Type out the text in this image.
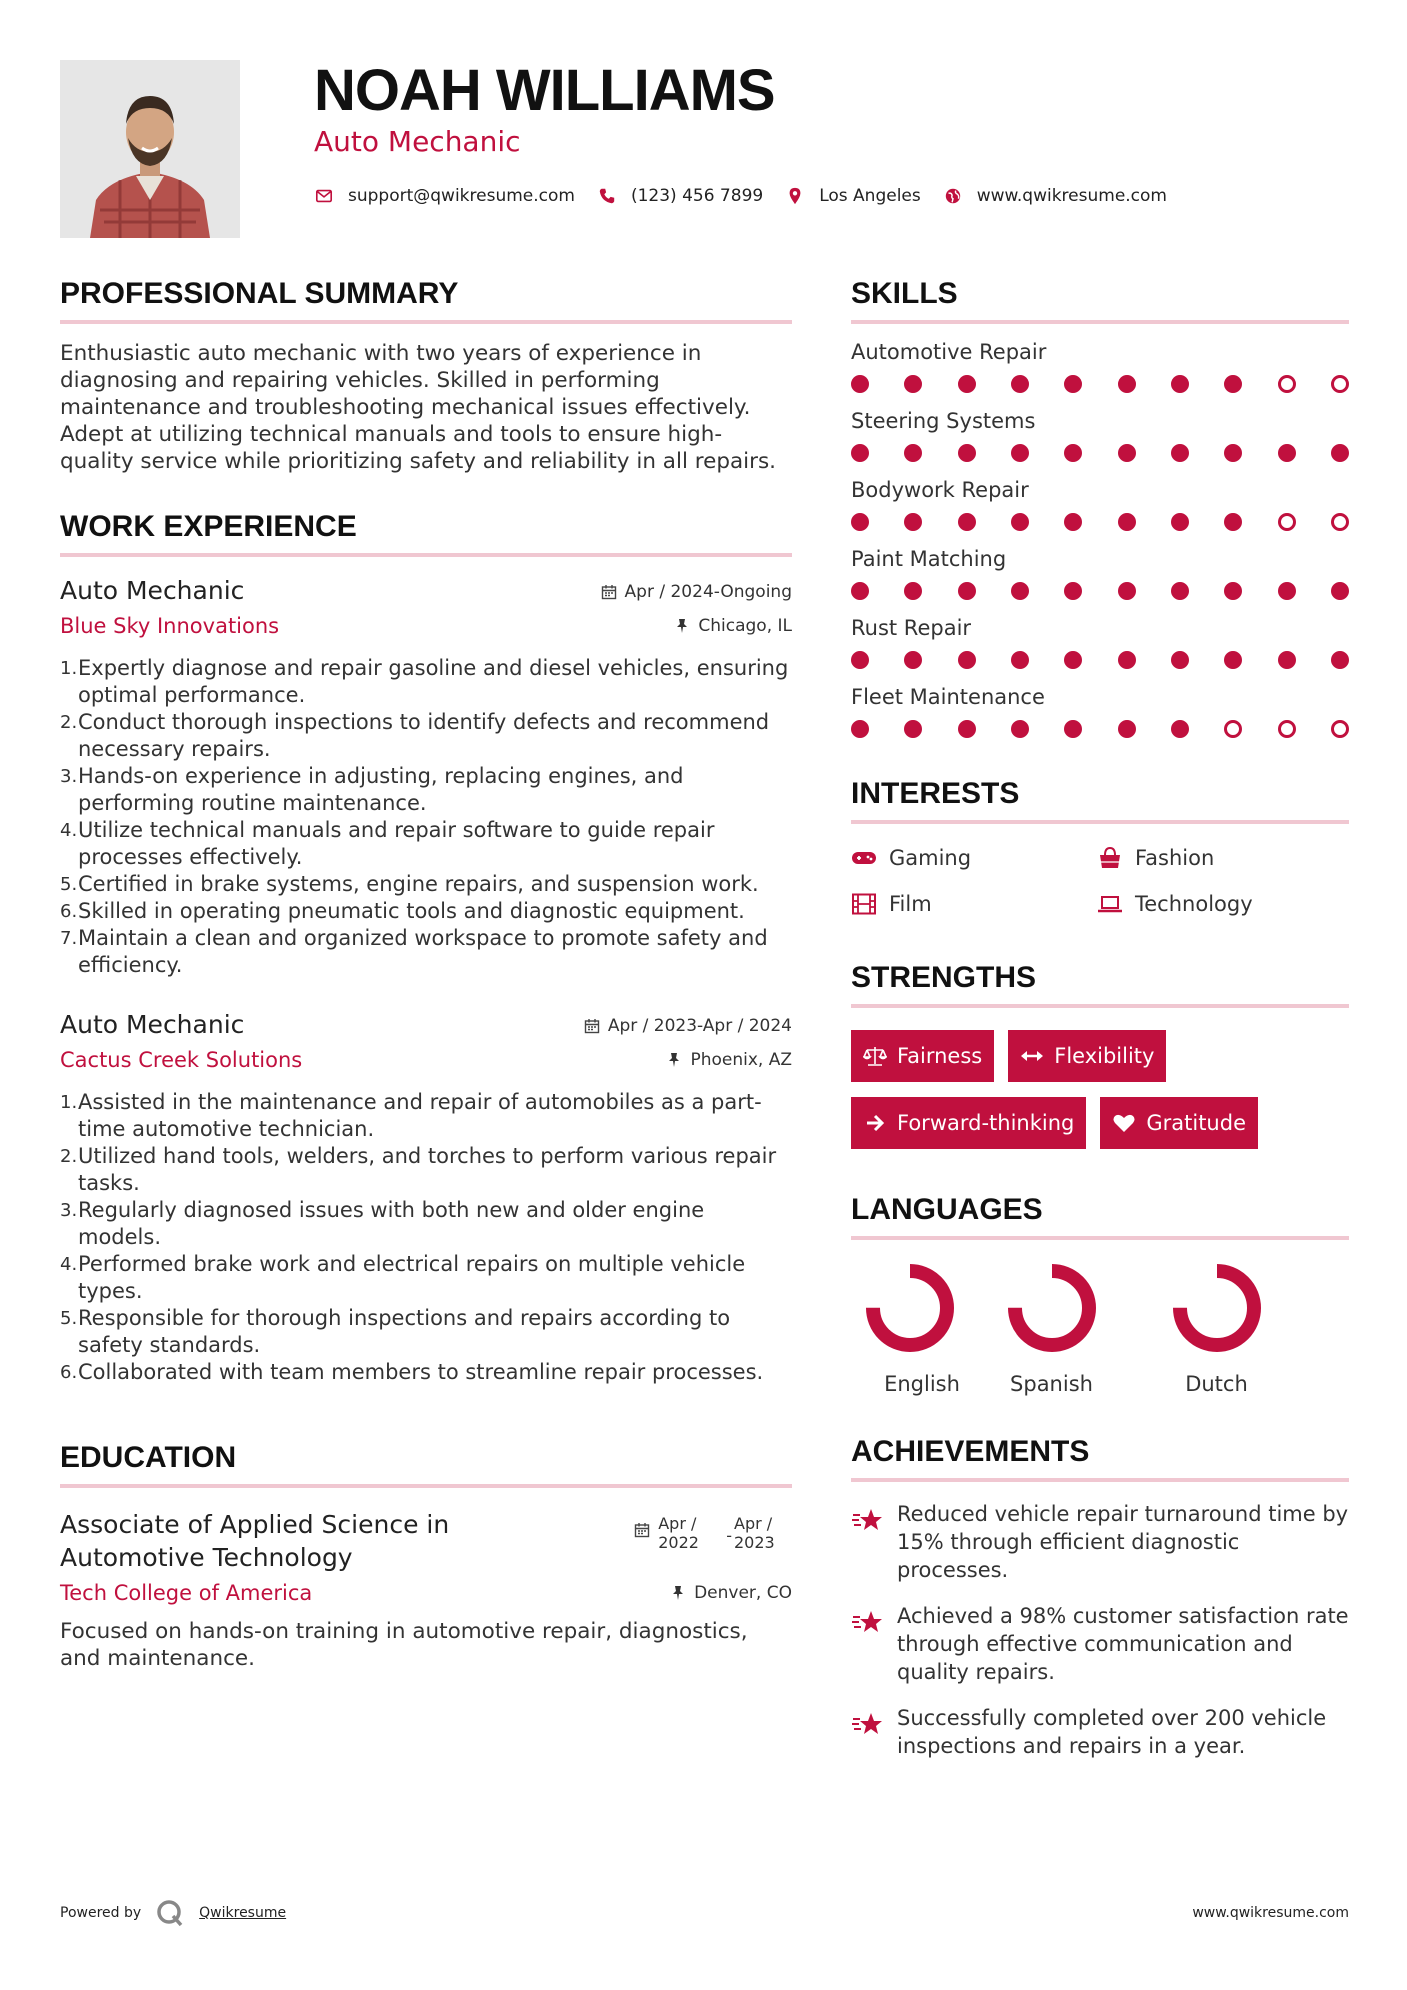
NOAH WILLIAMS
Auto Mechanic
support@qwikresume.com	(123) 456 7899	Los Angeles	www.qwikresume.com
PROFESSIONAL SUMMARY

Enthusiastic auto mechanic with two years of experience in diagnosing and repairing vehicles. Skilled in performing maintenance and troubleshooting mechanical issues effectively. Adept at utilizing technical manuals and tools to ensure high-quality service while prioritizing safety and reliability in all repairs.

WORK EXPERIENCE
Auto Mechanic	Apr / 2024-Ongoing
Blue Sky Innovations	Chicago, IL
1. Expertly diagnose and repair gasoline and diesel vehicles, ensuring optimal performance.
2. Conduct thorough inspections to identify defects and recommend necessary repairs.
3. Hands-on experience in adjusting, replacing engines, and performing routine maintenance.
4. Utilize technical manuals and repair software to guide repair processes effectively.
5. Certified in brake systems, engine repairs, and suspension work.
6. Skilled in operating pneumatic tools and diagnostic equipment.
7. Maintain a clean and organized workspace to promote safety and efficiency.
Auto Mechanic	Apr / 2023-Apr / 2024
Cactus Creek Solutions	Phoenix, AZ
1. Assisted in the maintenance and repair of automobiles as a part-time automotive technician.
2. Utilized hand tools, welders, and torches to perform various repair tasks.
3. Regularly diagnosed issues with both new and older engine models.
4. Performed brake work and electrical repairs on multiple vehicle types.
5. Responsible for thorough inspections and repairs according to safety standards.
6. Collaborated with team members to streamline repair processes.
EDUCATION
Associate of Applied Science in Automotive Technology
Apr / 2022	-
Apr / 2023
Tech College of America	Denver, CO

Focused on hands-on training in automotive repair, diagnostics, and maintenance.

SKILLS
Automotive Repair
Steering Systems
Bodywork Repair
Paint Matching
Rust Repair
Fleet Maintenance
INTERESTS
Gaming	Fashion
Film	Technology
STRENGTHS
Fairness	Flexibility
Forward-thinking	Gratitude
LANGUAGES
English Spanish	Dutch
ACHIEVEMENTS
Reduced vehicle repair turnaround time by 15% through efficient diagnostic processes.
Achieved a 98% customer satisfaction rate through effective communication and quality repairs.
Successfully completed over 200 vehicle inspections and repairs in a year.
Powered by	Qwikresume	www.qwikresume.com
